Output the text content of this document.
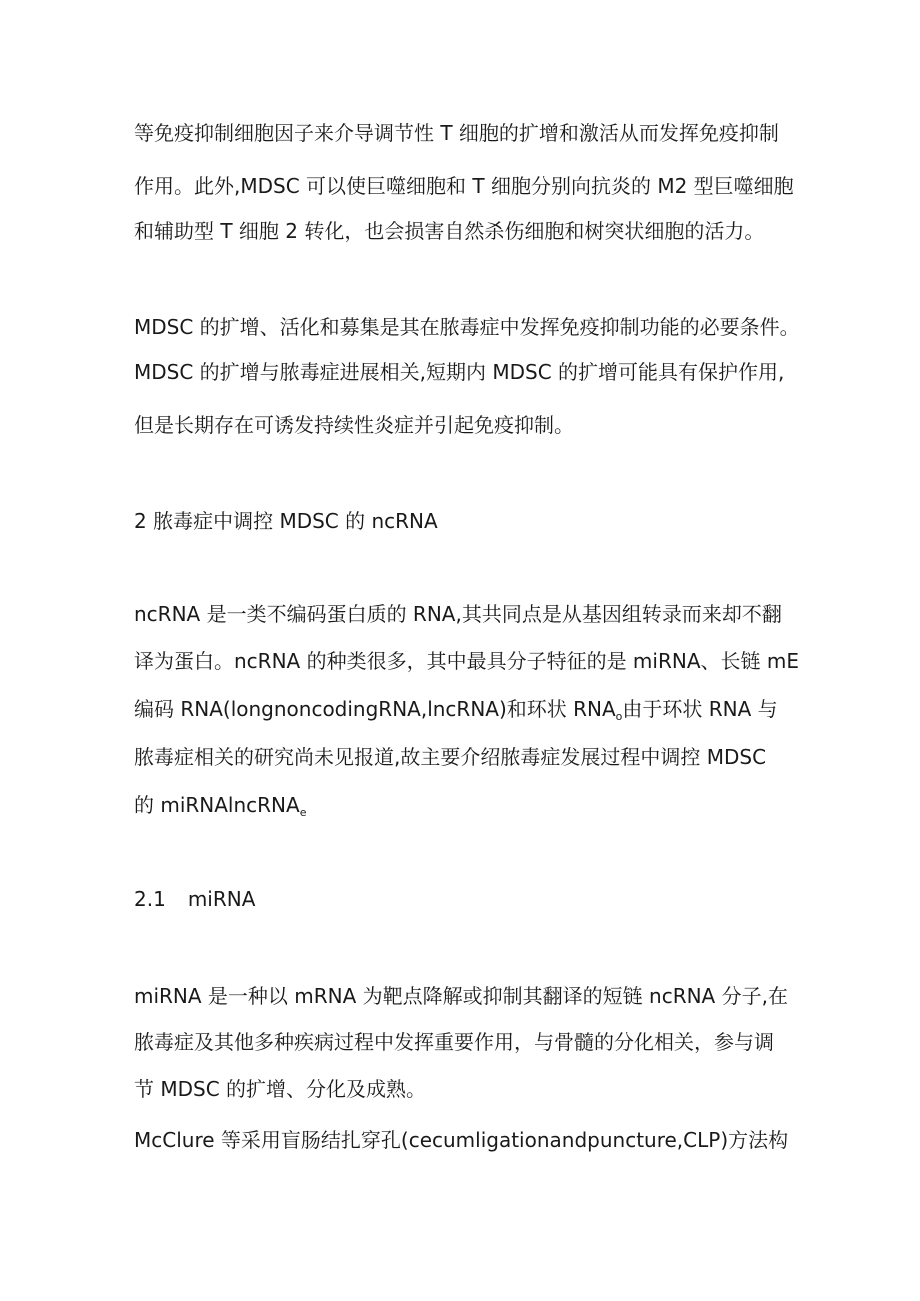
等免疫抑制细胞因子来介导调节性 T 细胞的扩增和激活从而发挥免疫抑制
作用。此外,MDSC 可以使巨噬细胞和 T 细胞分别向抗炎的 M2 型巨噬细胞
和辅助型 T 细胞 2 转化，也会损害自然杀伤细胞和树突状细胞的活力。
MDSC 的扩增、活化和募集是其在脓毒症中发挥免疫抑制功能的必要条件。
MDSC 的扩增与脓毒症进展相关,短期内 MDSC 的扩增可能具有保护作用,
但是长期存在可诱发持续性炎症并引起免疫抑制。
2 脓毒症中调控 MDSC 的 ncRNA
ncRNA 是一类不编码蛋白质的 RNA,其共同点是从基因组转录而来却不翻
译为蛋白。ncRNA 的种类很多，其中最具分子特征的是 miRNA、长链 mE
编码 RNA(longnoncodingRNA,lncRNA)和环状 $RNA_o$由于环状 RNA 与
脓毒症相关的研究尚未见报道,故主要介绍脓毒症发展过程中调控 MDSC
的 miRNAlncRNA$_e$
2.1 miRNA
miRNA 是一种以 mRNA 为靶点降解或抑制其翻译的短链 ncRNA 分子,在
脓毒症及其他多种疾病过程中发挥重要作用，与骨髓的分化相关，参与调
节 MDSC 的扩增、分化及成熟。
McClure 等采用盲肠结扎穿孔(cecumligationandpuncture,CLP)方法构
